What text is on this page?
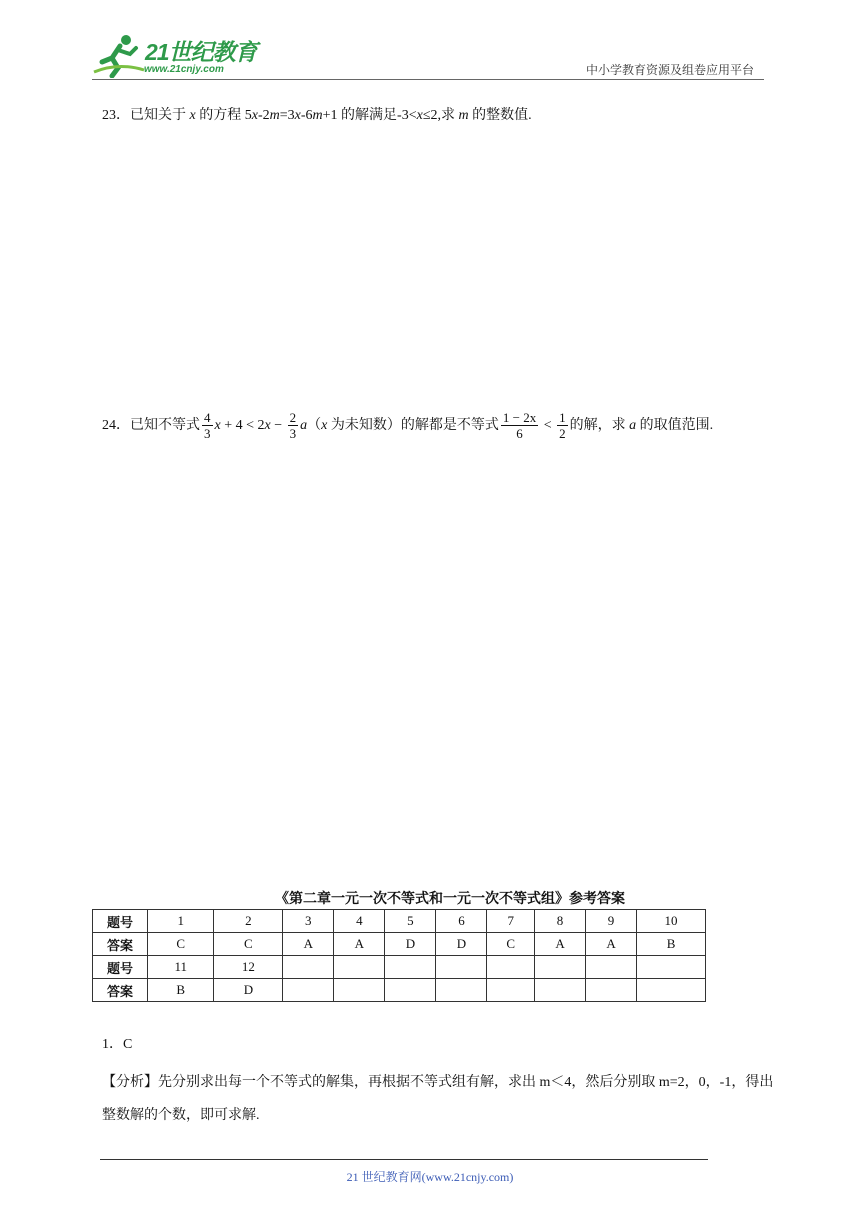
21世纪教育
www.21cnjy.com	中小学教育资源及组卷应用平台
23．已知关于 x 的方程 5x-2m=3x-6m+1 的解满足-3<x≤2,求 m 的整数值.
24．已知不等式 $\frac{4}{3}$ $x + 4 < 2x - \frac{2}{3} a(x$ 为未知数）的解都是不等式 $\frac{1 - 2x}{6} < \frac{1}{2}$ 的解，求 a 的取值范围.
《第二章一元一次不等式和一元一次不等式组》参考答案
题号	1	2	3	4	5	6	7	8	9	10
答案	C	C	A	A	D	D	C	A	A	B
题号	11	12								
答案	B	D								
1．C
【分析】先分别求出每一个不等式的解集，再根据不等式组有解，求出 m＜4，然后分别取 m=2，0，-1，得出整数解的个数，即可求解.
21 世纪教育网(www.21cnjy.com)
